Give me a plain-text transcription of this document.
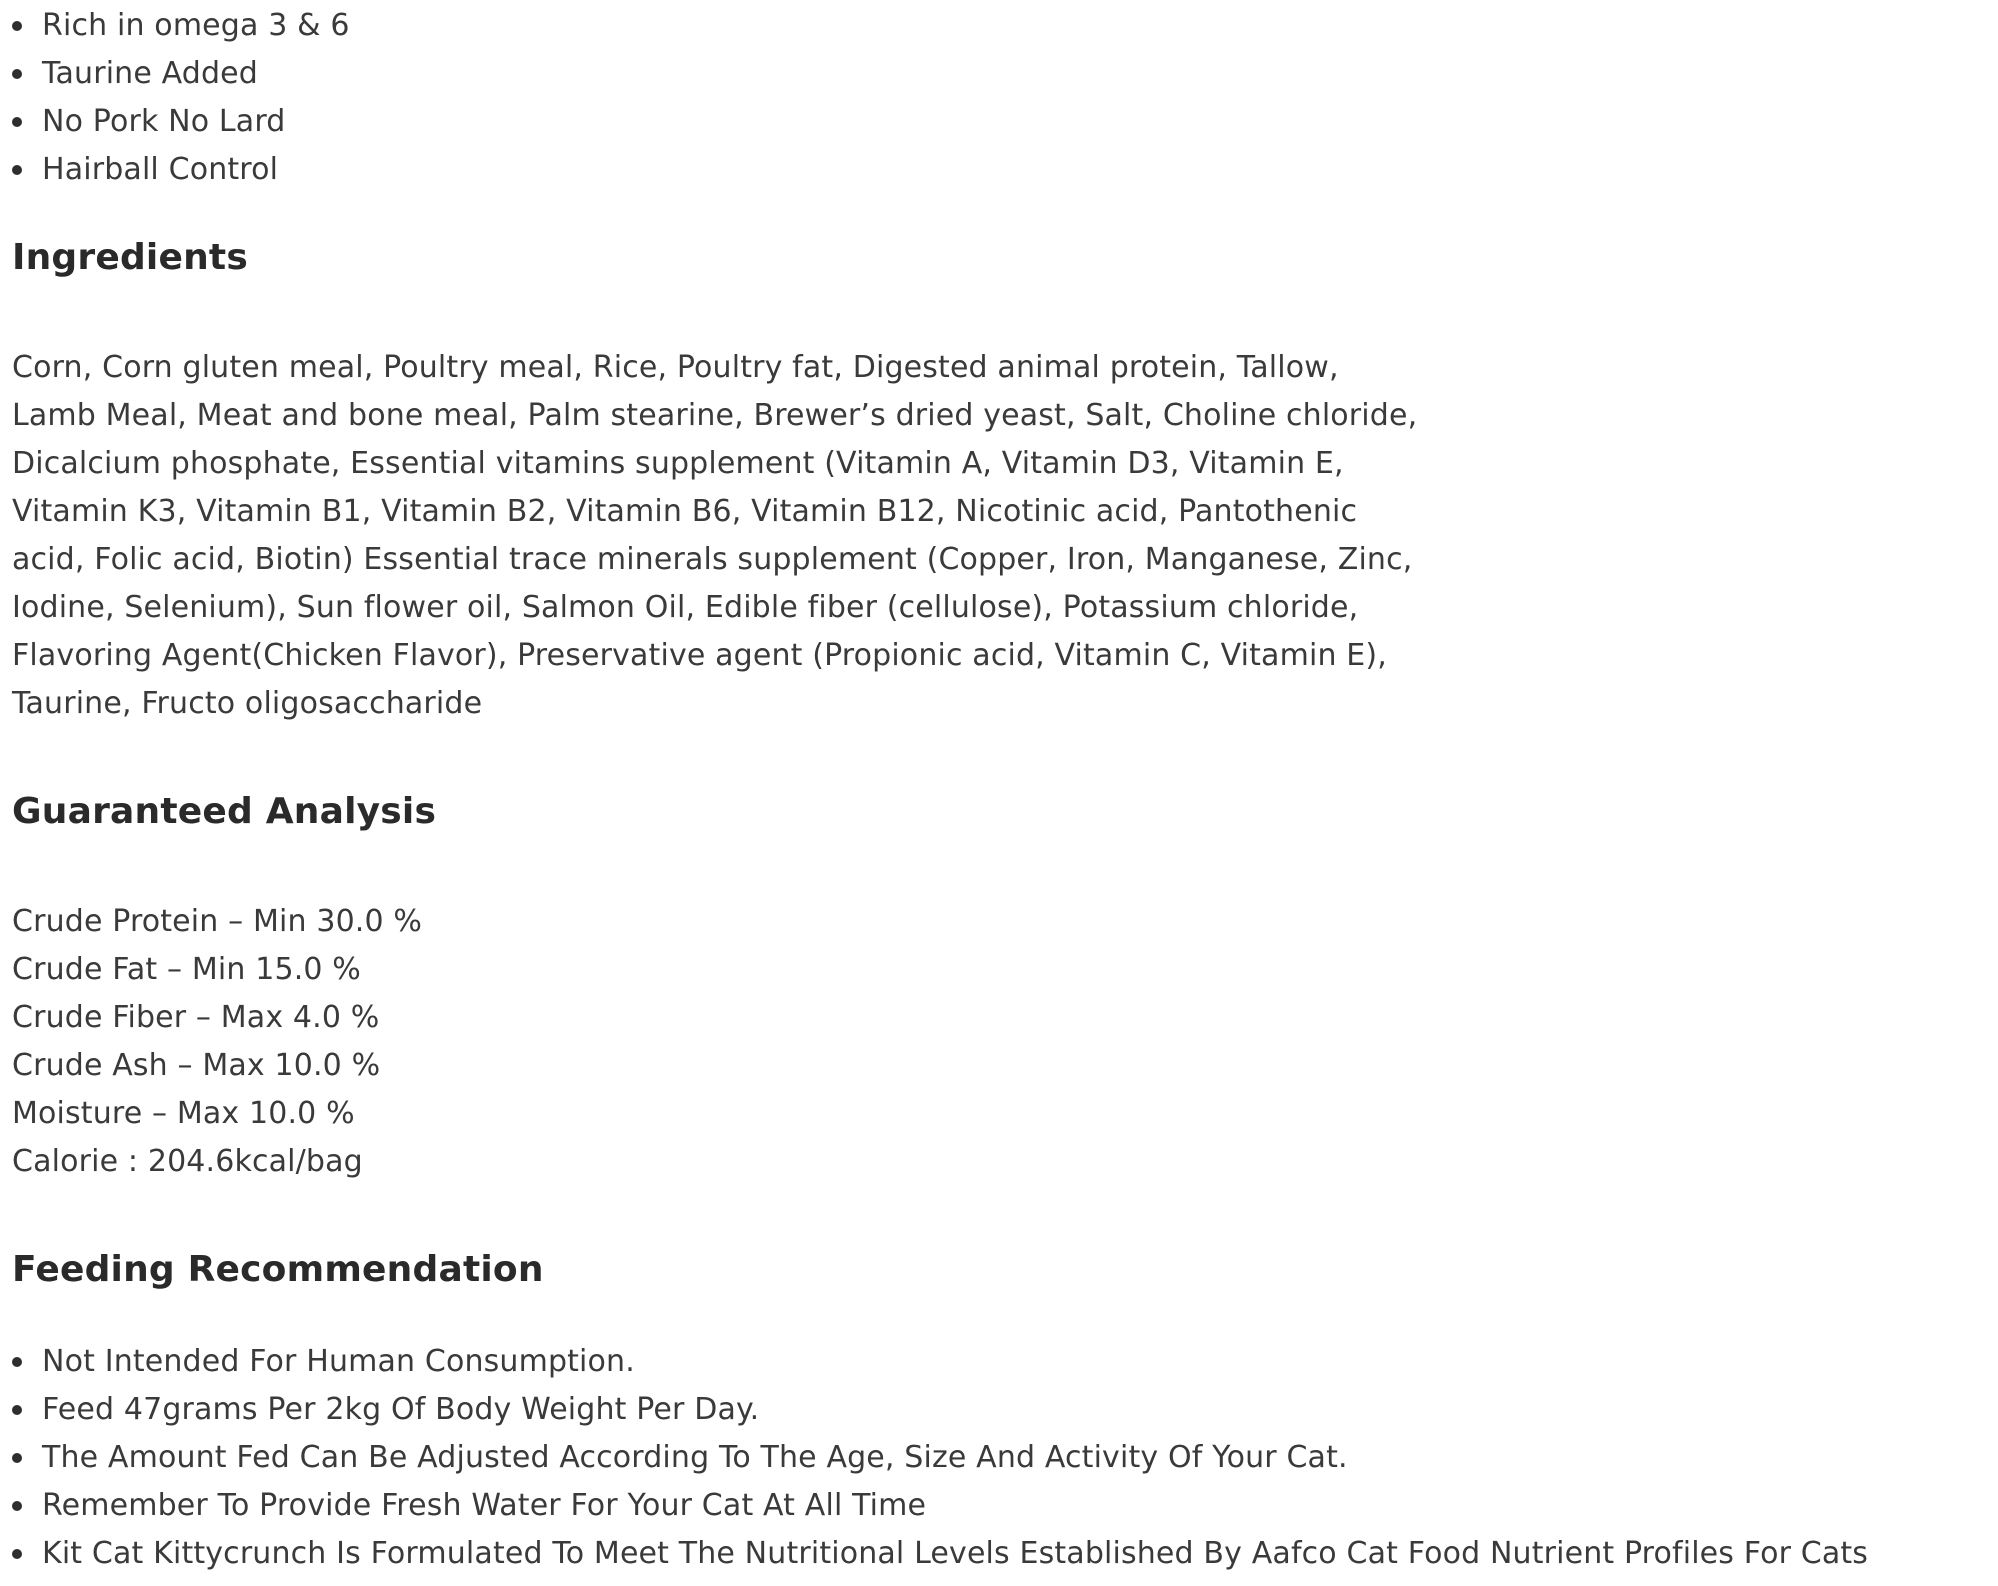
Rich in omega 3 & 6
Taurine Added
No Pork No Lard
Hairball Control
Ingredients

Corn, Corn gluten meal, Poultry meal, Rice, Poultry fat, Digested animal protein, Tallow,
Lamb Meal, Meat and bone meal, Palm stearine, Brewer’s dried yeast, Salt, Choline chloride,
Dicalcium phosphate, Essential vitamins supplement (Vitamin A, Vitamin D3, Vitamin E,
Vitamin K3, Vitamin B1, Vitamin B2, Vitamin B6, Vitamin B12, Nicotinic acid, Pantothenic
acid, Folic acid, Biotin) Essential trace minerals supplement (Copper, Iron, Manganese, Zinc,
Iodine, Selenium), Sun flower oil, Salmon Oil, Edible fiber (cellulose), Potassium chloride,
Flavoring Agent(Chicken Flavor), Preservative agent (Propionic acid, Vitamin C, Vitamin E),
Taurine, Fructo oligosaccharide

Guaranteed Analysis

Crude Protein – Min 30.0 %
Crude Fat – Min 15.0 %
Crude Fiber – Max 4.0 %
Crude Ash – Max 10.0 %
Moisture – Max 10.0 %
Calorie : 204.6kcal/bag

Feeding Recommendation
Not Intended For Human Consumption.
Feed 47grams Per 2kg Of Body Weight Per Day.
The Amount Fed Can Be Adjusted According To The Age, Size And Activity Of Your Cat.
Remember To Provide Fresh Water For Your Cat At All Time
Kit Cat Kittycrunch Is Formulated To Meet The Nutritional Levels Established By Aafco Cat Food Nutrient Profiles For Cats
